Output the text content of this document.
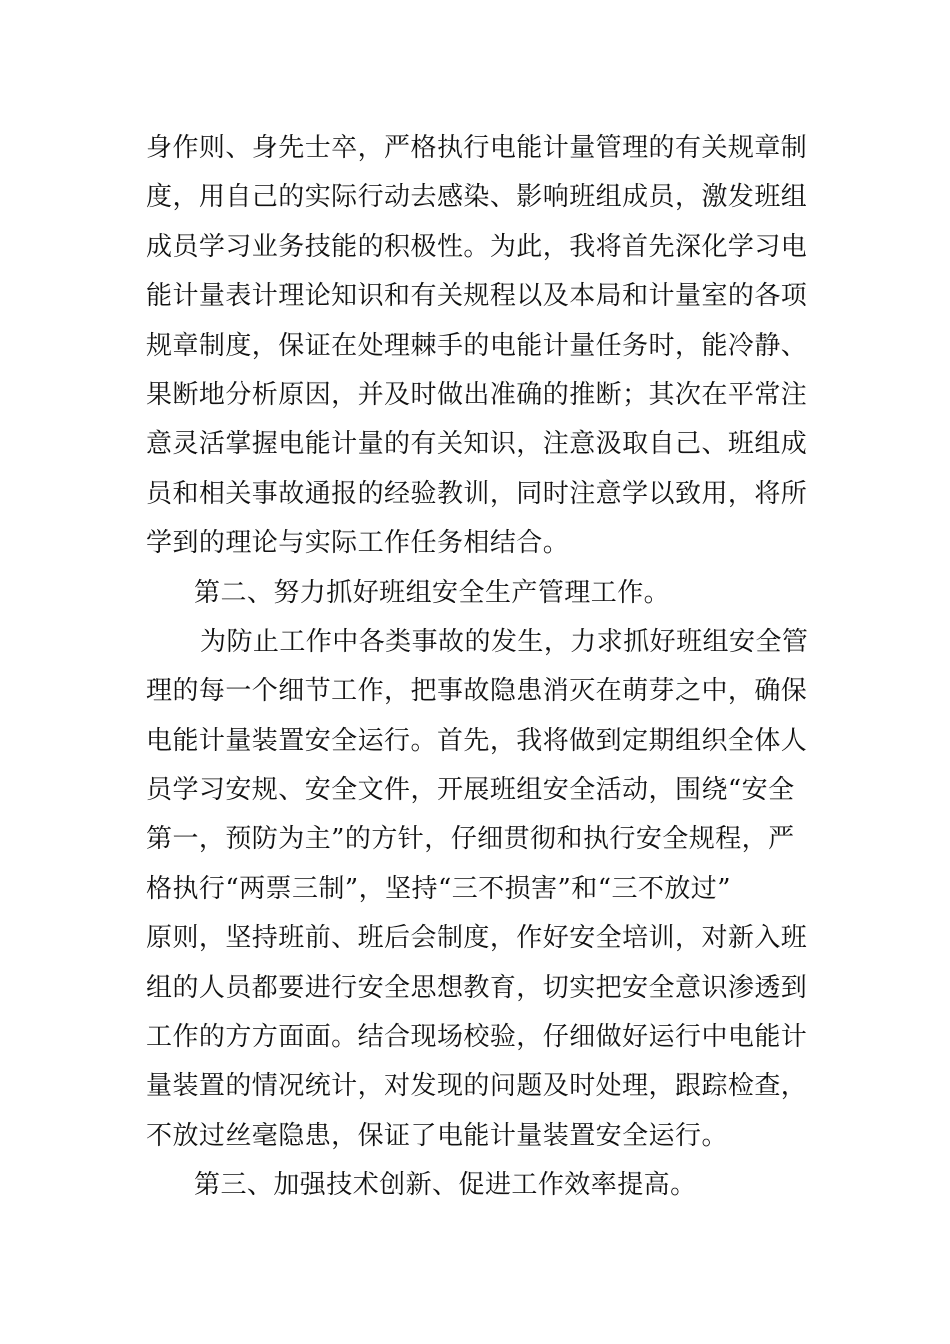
身作则、身先士卒，严格执行电能计量管理的有关规章制
度，用自己的实际行动去感染、影响班组成员，激发班组
成员学习业务技能的积极性。为此，我将首先深化学习电
能计量表计理论知识和有关规程以及本局和计量室的各项
规章制度，保证在处理棘手的电能计量任务时，能冷静、
果断地分析原因，并及时做出准确的推断；其次在平常注
意灵活掌握电能计量的有关知识，注意汲取自己、班组成
员和相关事故通报的经验教训，同时注意学以致用，将所
学到的理论与实际工作任务相结合。
第二、努力抓好班组安全生产管理工作。
为防止工作中各类事故的发生，力求抓好班组安全管
理的每一个细节工作，把事故隐患消灭在萌芽之中，确保
电能计量装置安全运行。首先，我将做到定期组织全体人
员学习安规、安全文件，开展班组安全活动，围绕“安全
第一，预防为主”的方针，仔细贯彻和执行安全规程，严
格执行“两票三制”，坚持“三不损害”和“三不放过”
原则，坚持班前、班后会制度，作好安全培训，对新入班
组的人员都要进行安全思想教育，切实把安全意识渗透到
工作的方方面面。结合现场校验，仔细做好运行中电能计
量装置的情况统计，对发现的问题及时处理，跟踪检查，
不放过丝毫隐患，保证了电能计量装置安全运行。
第三、加强技术创新、促进工作效率提高。
